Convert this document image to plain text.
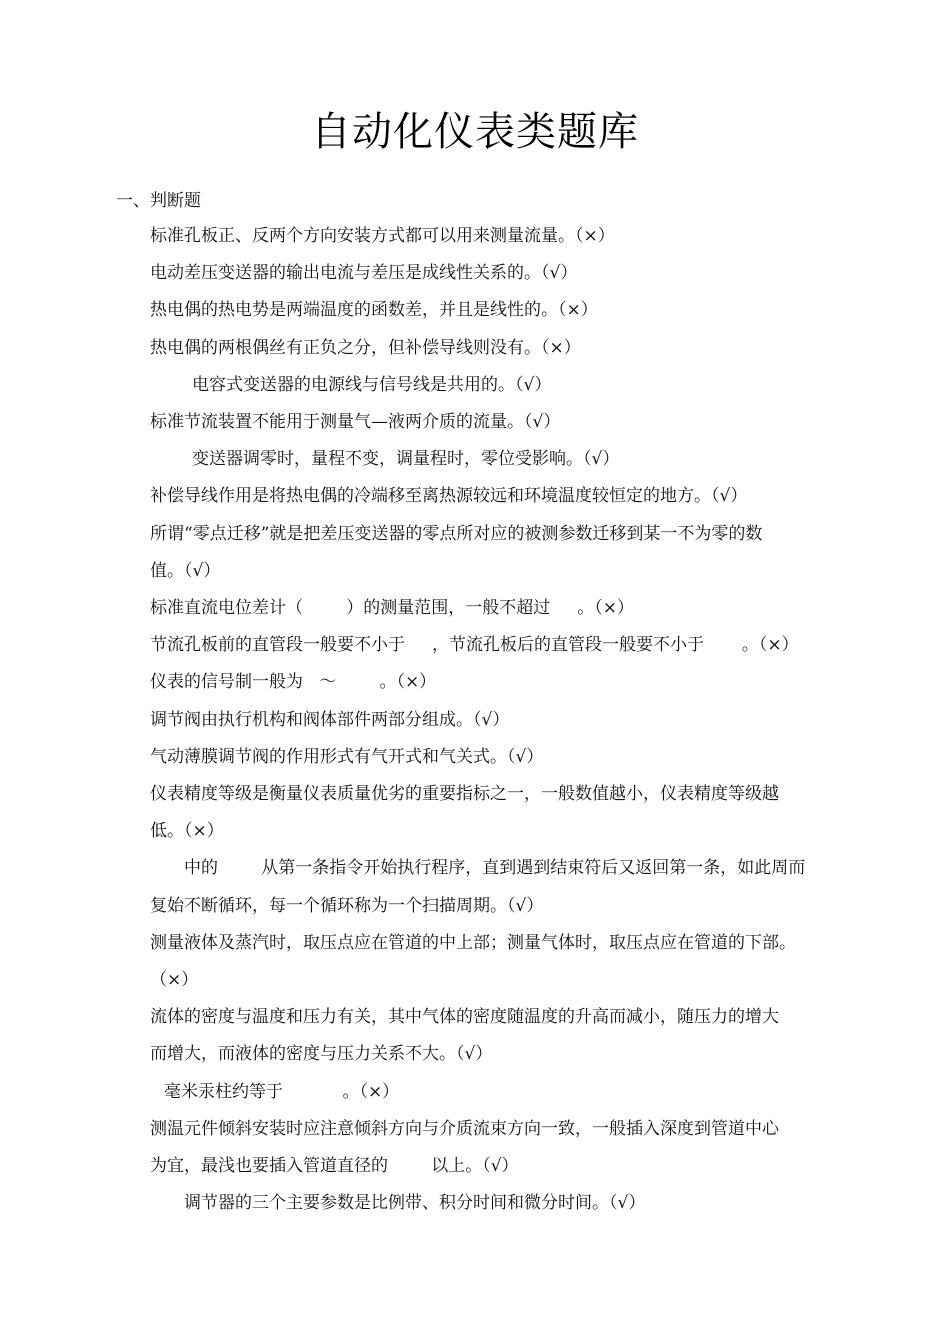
自动化仪表类题库
一、判断题

标准孔板正、反两个方向安装方式都可以用来测量流量。（×）

电动差压变送器的输出电流与差压是成线性关系的。（√）

热电偶的热电势是两端温度的函数差，并且是线性的。（×）

热电偶的两根偶丝有正负之分，但补偿导线则没有。（×）

电容式变送器的电源线与信号线是共用的。（√）

标准节流装置不能用于测量气—液两介质的流量。（√）

变送器调零时，量程不变，调量程时，零位受影响。（√）

补偿导线作用是将热电偶的冷端移至离热源较远和环境温度较恒定的地方。（√）

所谓“零点迁移”就是把差压变送器的零点所对应的被测参数迁移到某一不为零的数

值。（√）

标准直流电位差计（        ）的测量范围，一般不超过     。（×）

节流孔板前的直管段一般要不小于     ，节流孔板后的直管段一般要不小于       。（×）

仪表的信号制一般为   ～        。（×）

调节阀由执行机构和阀体部件两部分组成。（√）

气动薄膜调节阀的作用形式有气开式和气关式。（√）

仪表精度等级是衡量仪表质量优劣的重要指标之一，一般数值越小，仪表精度等级越

低。（×）

中的        从第一条指令开始执行程序，直到遇到结束符后又返回第一条，如此周而

复始不断循环，每一个循环称为一个扫描周期。（√）

测量液体及蒸汽时，取压点应在管道的中上部；测量气体时，取压点应在管道的下部。

（×）

流体的密度与温度和压力有关，其中气体的密度随温度的升高而减小，随压力的增大

而增大，而液体的密度与压力关系不大。（√）

毫米汞柱约等于           。（×）

测温元件倾斜安装时应注意倾斜方向与介质流束方向一致，一般插入深度到管道中心

为宜，最浅也要插入管道直径的        以上。（√）

调节器的三个主要参数是比例带、积分时间和微分时间。（√）
